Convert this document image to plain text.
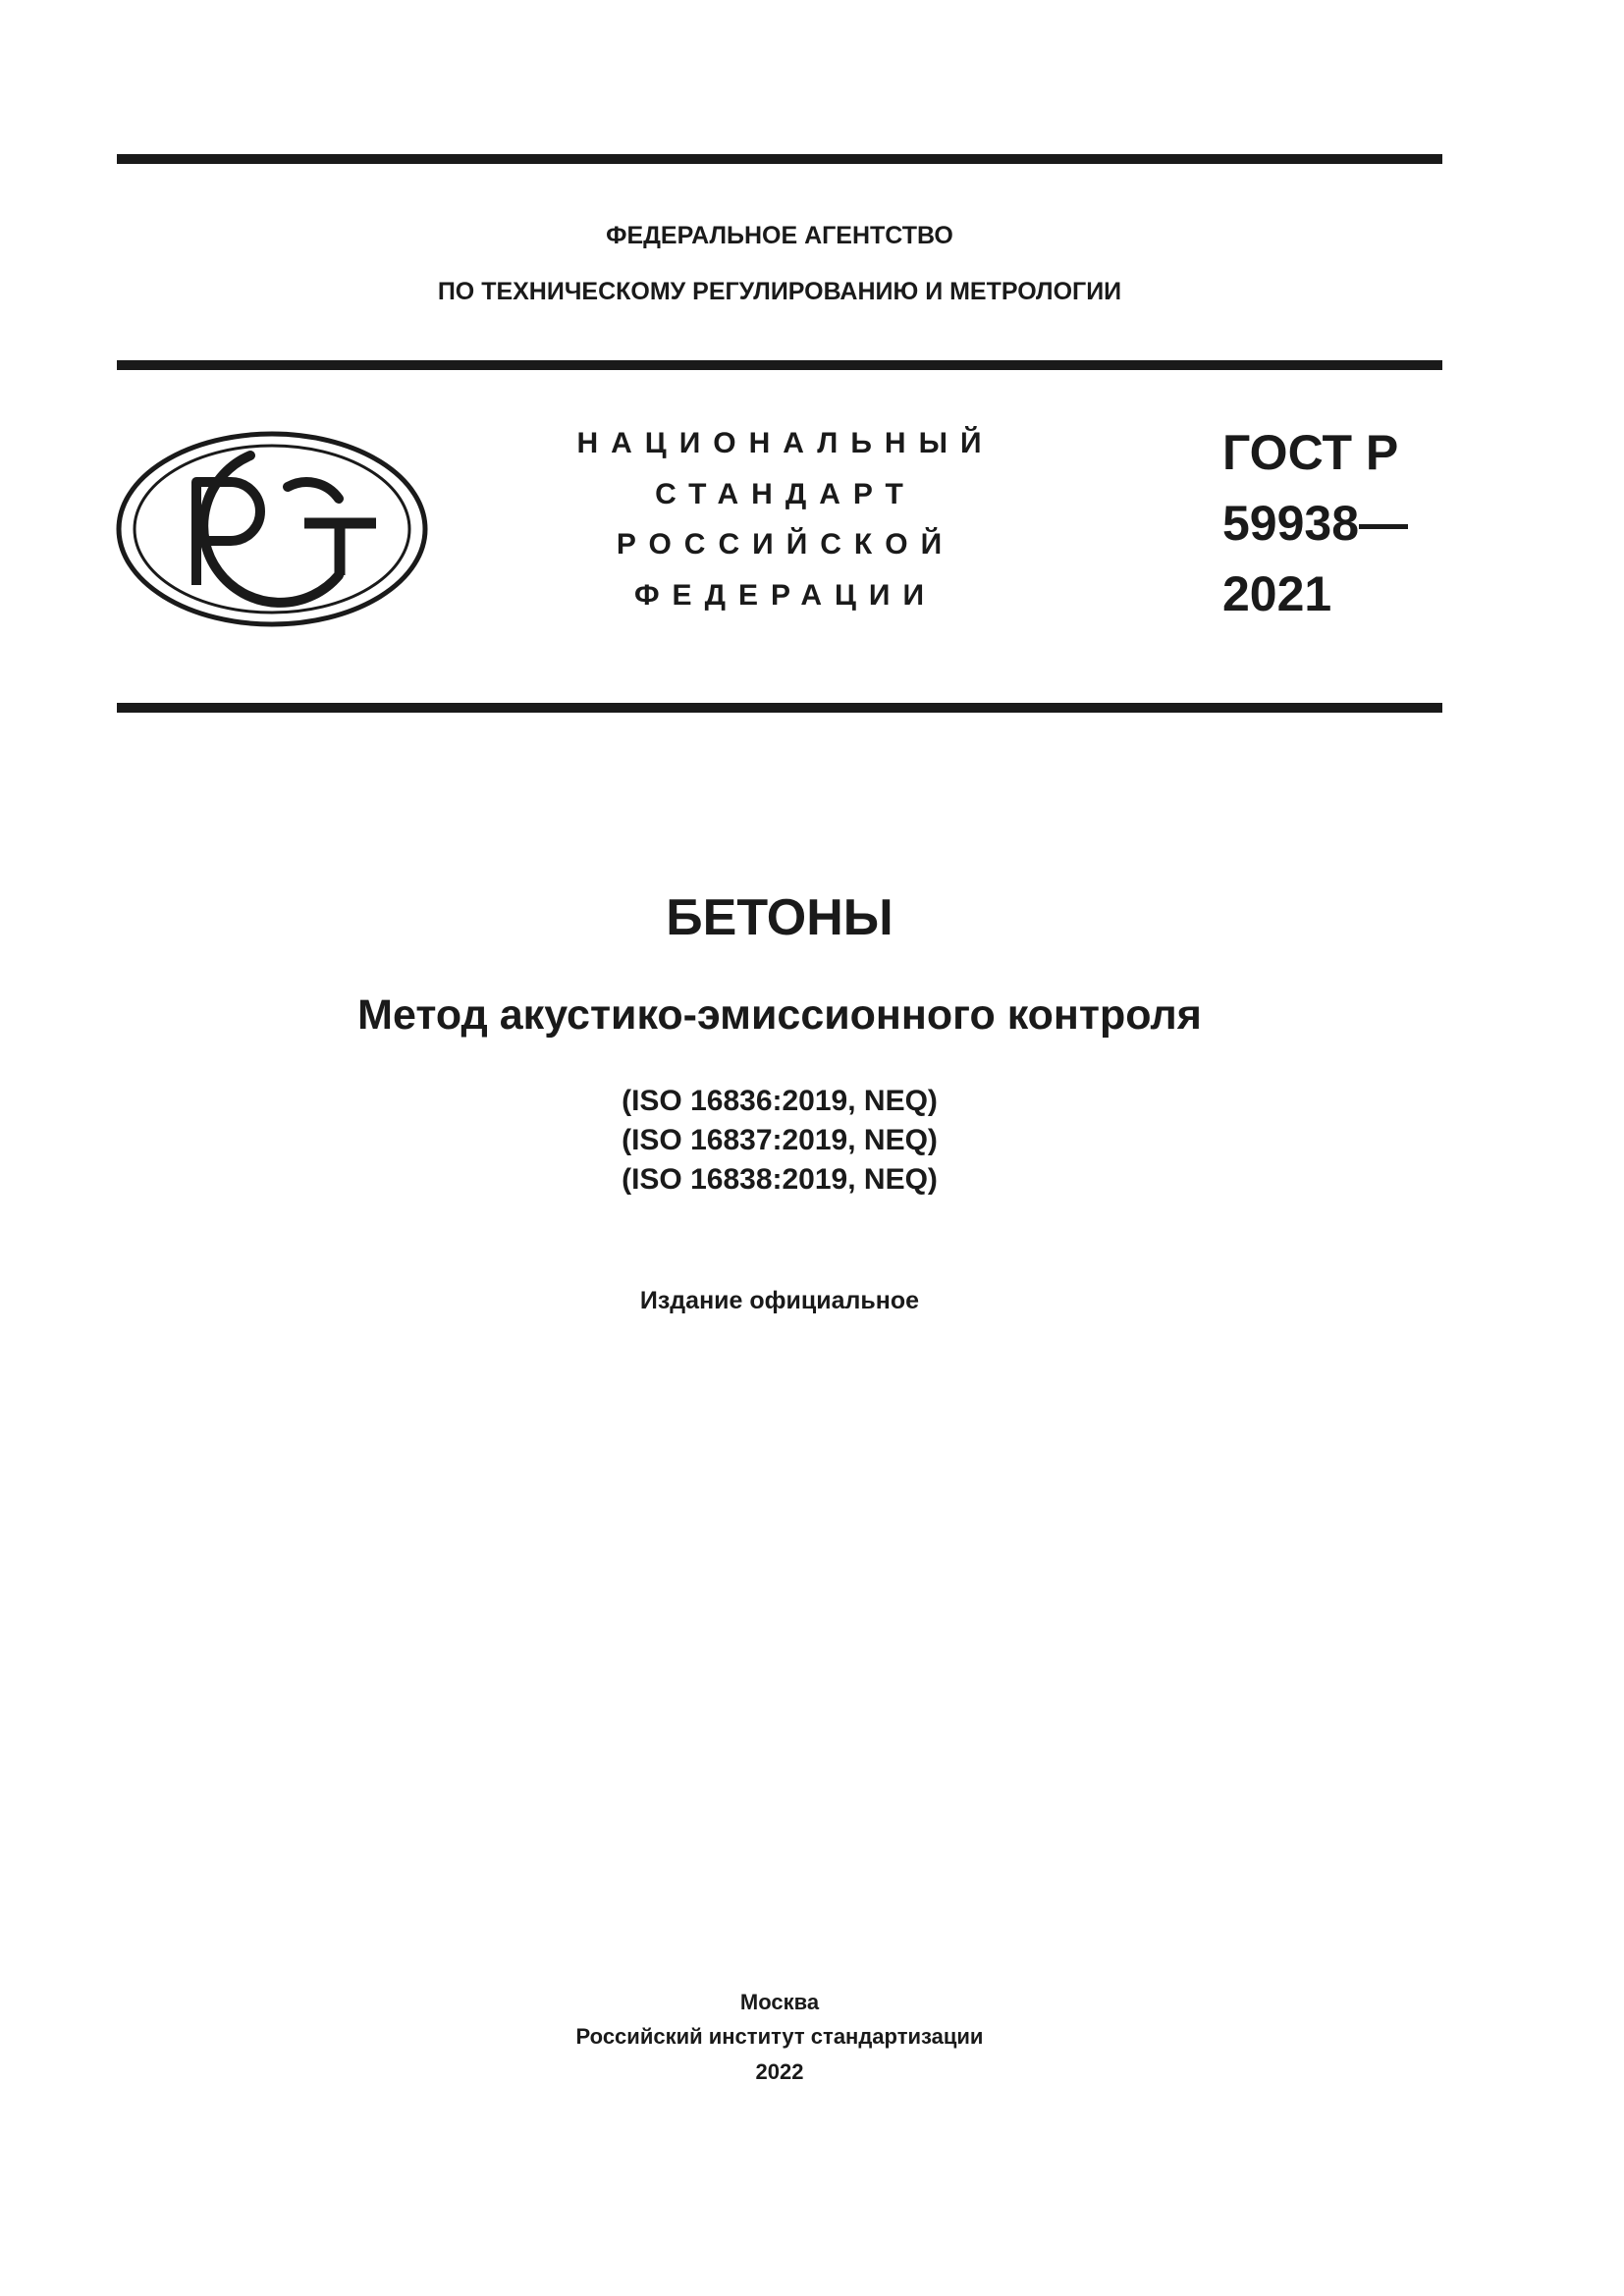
ФЕДЕРАЛЬНОЕ АГЕНТСТВО
ПО ТЕХНИЧЕСКОМУ РЕГУЛИРОВАНИЮ И МЕТРОЛОГИИ
НАЦИОНАЛЬНЫЙ
СТАНДАРТ
РОССИЙСКОЙ
ФЕДЕРАЦИИ
ГОСТ Р
59938—
2021
БЕТОНЫ
Метод акустико-эмиссионного контроля
(ISO 16836:2019, NEQ)
(ISO 16837:2019, NEQ)
(ISO 16838:2019, NEQ)
Издание официальное
Москва
Российский институт стандартизации
2022
